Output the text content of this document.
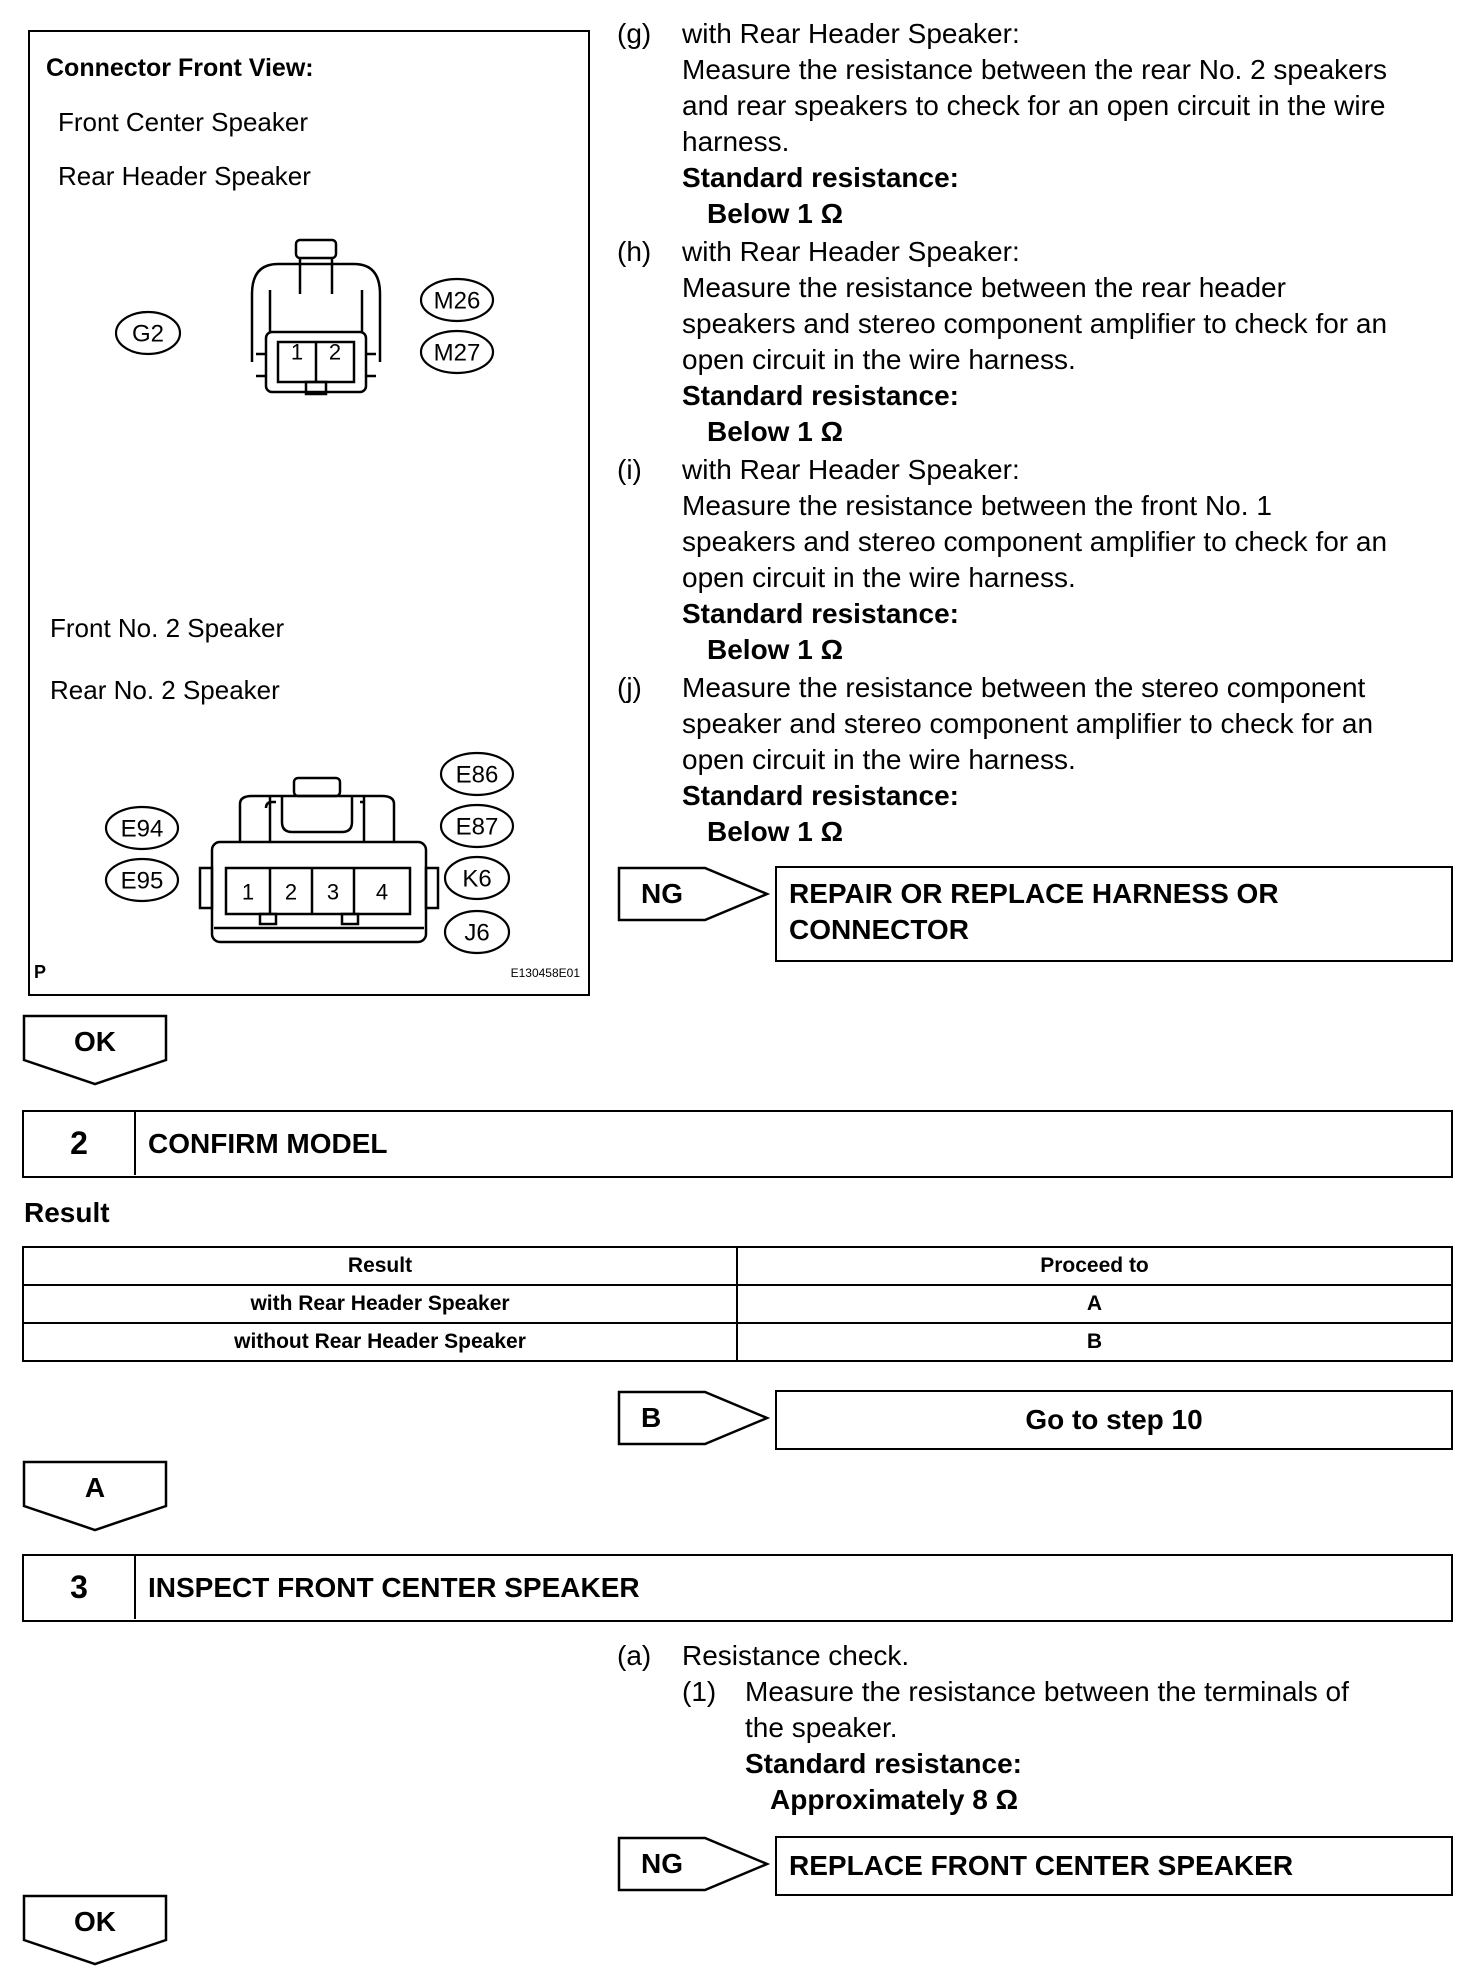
Connector Front View:
Front Center Speaker
Rear Header Speaker
1 2
G2
M26
M27
1 2 3 4
E94
E95
E86
E87
K6
J6
Front No. 2 Speaker
Rear No. 2 Speaker
P	E130458E01
(g) with Rear Header Speaker:
Measure the resistance between the rear No. 2 speakers
and rear speakers to check for an open circuit in the wire
harness.
Standard resistance:
Below 1 Ω
(h) with Rear Header Speaker:
Measure the resistance between the rear header
speakers and stereo component amplifier to check for an
open circuit in the wire harness.
Standard resistance:
Below 1 Ω
(i) with Rear Header Speaker:
Measure the resistance between the front No. 1
speakers and stereo component amplifier to check for an
open circuit in the wire harness.
Standard resistance:
Below 1 Ω
(j) Measure the resistance between the stereo component
speaker and stereo component amplifier to check for an
open circuit in the wire harness.
Standard resistance:
Below 1 Ω
NG	REPAIR OR REPLACE HARNESS OR
CONNECTOR
OK
2	CONFIRM MODEL
Result
Result	Proceed to
with Rear Header Speaker	A
without Rear Header Speaker	B
B	Go to step 10
A
3	INSPECT FRONT CENTER SPEAKER
(a) Resistance check.
(1) Measure the resistance between the terminals of
the speaker.
Standard resistance:
Approximately 8 Ω
NG	REPLACE FRONT CENTER SPEAKER
OK
